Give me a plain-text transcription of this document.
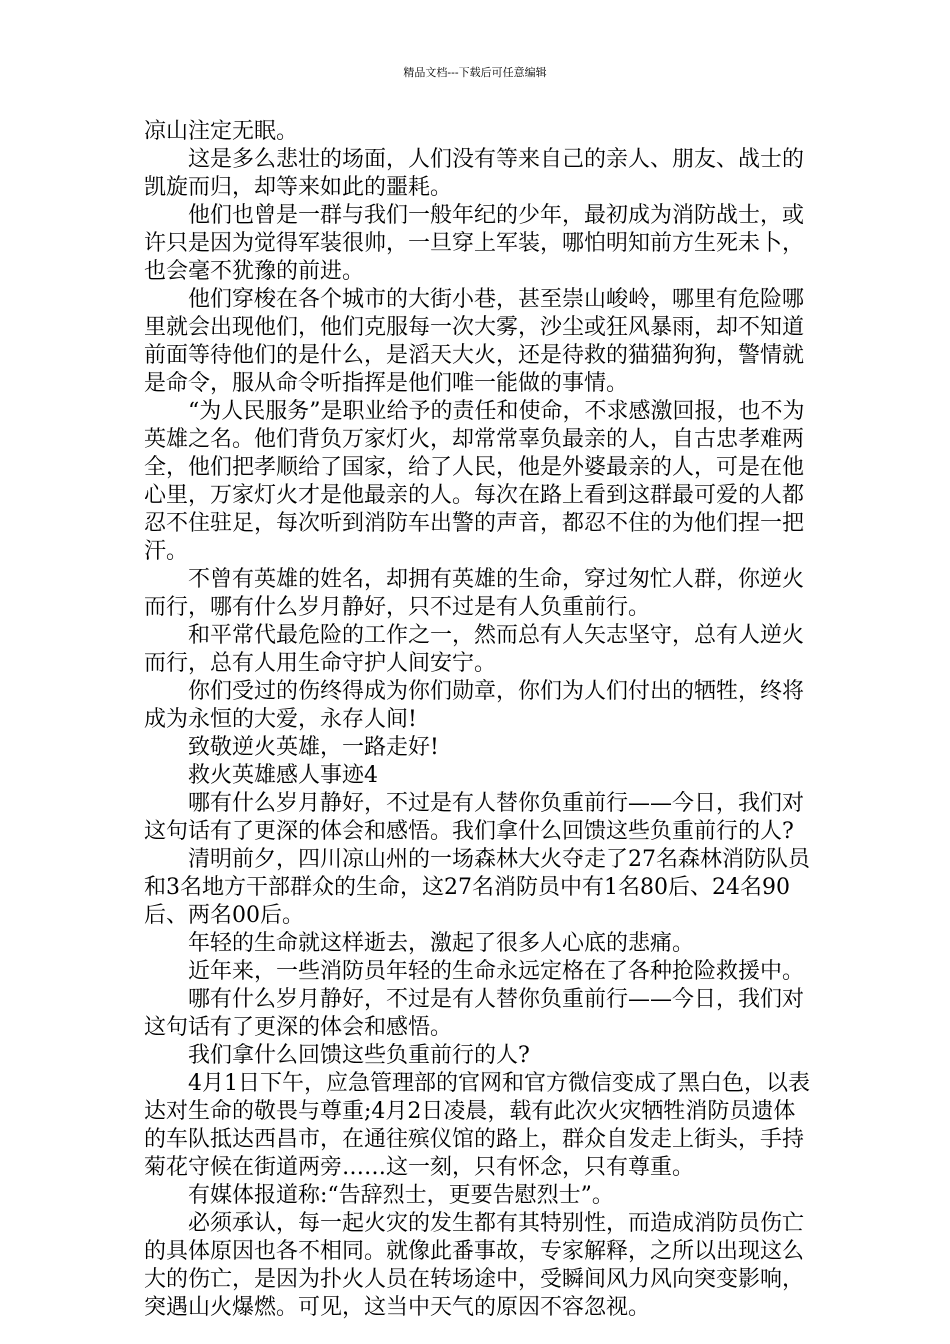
精品文档---下载后可任意编辑

凉山注定无眠。

这是多么悲壮的场面，人们没有等来自己的亲人、朋友、战士的凯旋而归，却等来如此的噩耗。

他们也曾是一群与我们一般年纪的少年，最初成为消防战士，或许只是因为觉得军装很帅，一旦穿上军装，哪怕明知前方生死未卜，也会毫不犹豫的前进。

他们穿梭在各个城市的大街小巷，甚至崇山峻岭，哪里有危险哪里就会出现他们，他们克服每一次大雾，沙尘或狂风暴雨，却不知道前面等待他们的是什么，是滔天大火，还是待救的猫猫狗狗，警情就是命令，服从命令听指挥是他们唯一能做的事情。

“为人民服务”是职业给予的责任和使命，不求感激回报，也不为英雄之名。他们背负万家灯火，却常常辜负最亲的人，自古忠孝难两全，他们把孝顺给了国家，给了人民，他是外婆最亲的人，可是在他心里，万家灯火才是他最亲的人。每次在路上看到这群最可爱的人都忍不住驻足，每次听到消防车出警的声音，都忍不住的为他们捏一把汗。

不曾有英雄的姓名，却拥有英雄的生命，穿过匆忙人群，你逆火而行，哪有什么岁月静好，只不过是有人负重前行。

和平常代最危险的工作之一，然而总有人矢志坚守，总有人逆火而行，总有人用生命守护人间安宁。

你们受过的伤终得成为你们勋章，你们为人们付出的牺牲，终将成为永恒的大爱，永存人间!

致敬逆火英雄，一路走好!

救火英雄感人事迹4

哪有什么岁月静好，不过是有人替你负重前行——今日，我们对这句话有了更深的体会和感悟。我们拿什么回馈这些负重前行的人?

清明前夕，四川凉山州的一场森林大火夺走了27名森林消防队员和3名地方干部群众的生命，这27名消防员中有1名80后、24名90后、两名00后。

年轻的生命就这样逝去，激起了很多人心底的悲痛。

近年来，一些消防员年轻的生命永远定格在了各种抢险救援中。

哪有什么岁月静好，不过是有人替你负重前行——今日，我们对这句话有了更深的体会和感悟。

我们拿什么回馈这些负重前行的人?

4月1日下午，应急管理部的官网和官方微信变成了黑白色，以表达对生命的敬畏与尊重;4月2日凌晨，载有此次火灾牺牲消防员遗体的车队抵达西昌市，在通往殡仪馆的路上，群众自发走上街头，手持菊花守候在街道两旁……这一刻，只有怀念，只有尊重。

有媒体报道称:“告辞烈士，更要告慰烈士”。

必须承认，每一起火灾的发生都有其特别性，而造成消防员伤亡的具体原因也各不相同。就像此番事故，专家解释，之所以出现这么大的伤亡，是因为扑火人员在转场途中，受瞬间风力风向突变影响，突遇山火爆燃。可见，这当中天气的原因不容忽视。
